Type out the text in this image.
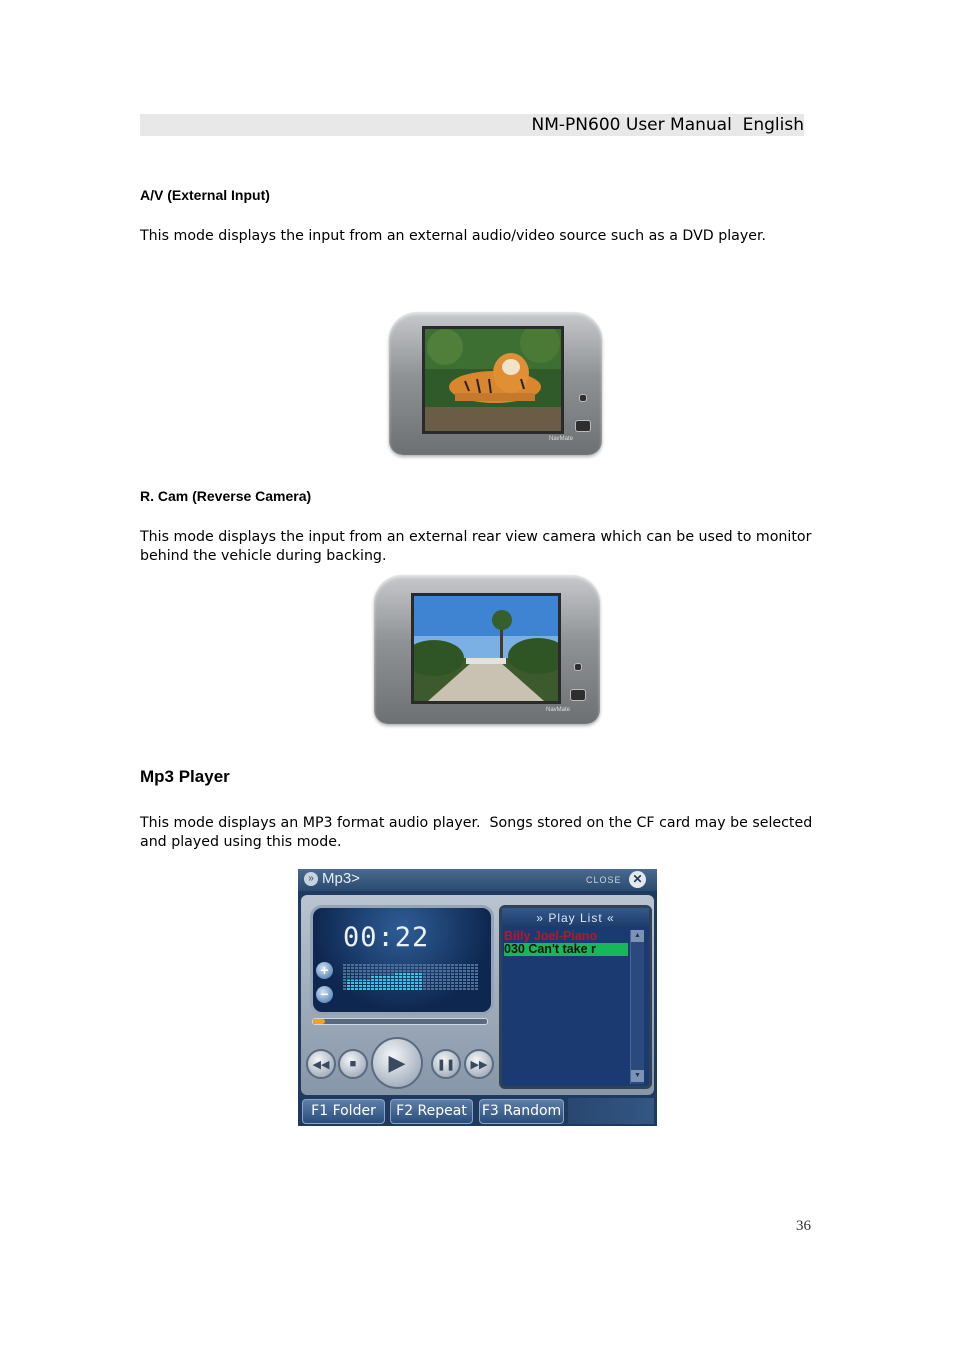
NM-PN600 User Manual  English
A/V (External Input)
This mode displays the input from an external audio/video source such as a DVD player.
NavMate
R. Cam (Reverse Camera)
This mode displays the input from an external rear view camera which can be used to monitor
behind the vehicle during backing.
NavMate
Mp3 Player
This mode displays an MP3 format audio player.  Songs stored on the CF card may be selected
and played using this mode.
» Mp3>	CLOSE ✕
00:22
+
−
◀◀ ■ ▶	❚❚ ▶▶
» Play List «
Billy Joel-Piano
030 Can't take r
▲
▼
F1 Folder	F2 Repeat	F3 Random
36
